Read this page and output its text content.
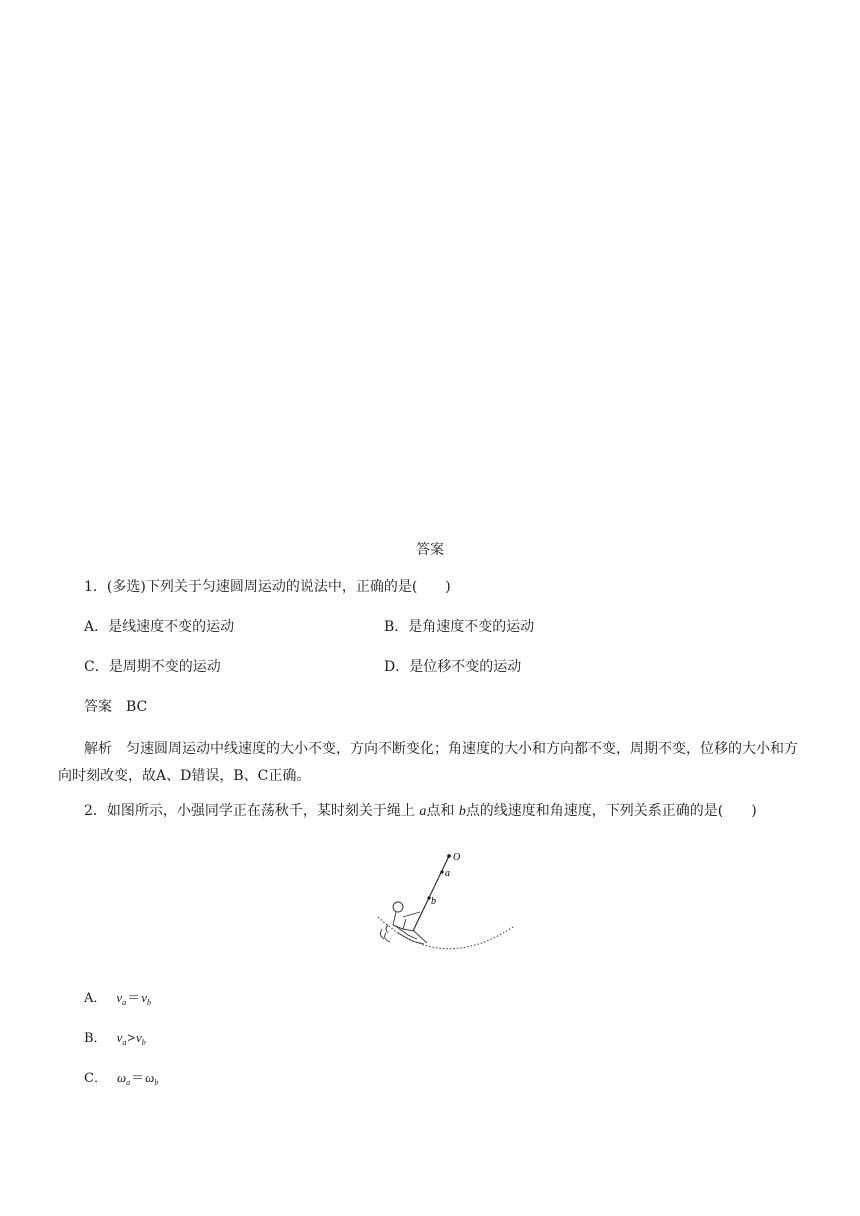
答案
1．(多选)下列关于匀速圆周运动的说法中，正确的是(　　)
A．是线速度不变的运动	B．是角速度不变的运动
C．是周期不变的运动	D．是位移不变的运动
答案 BC
解析 匀速圆周运动中线速度的大小不变，方向不断变化；角速度的大小和方向都不变，周期不变，位移的大小和方向时刻改变，故A、D错误，B、C正确。
2．如图所示，小强同学正在荡秋千，某时刻关于绳上 a点和 b点的线速度和角速度，下列关系正确的是(　　)
O
a
b
A． $v_a=v_b$
B． $v_a>v_b$
C． $\omega_a=\omega_b$
